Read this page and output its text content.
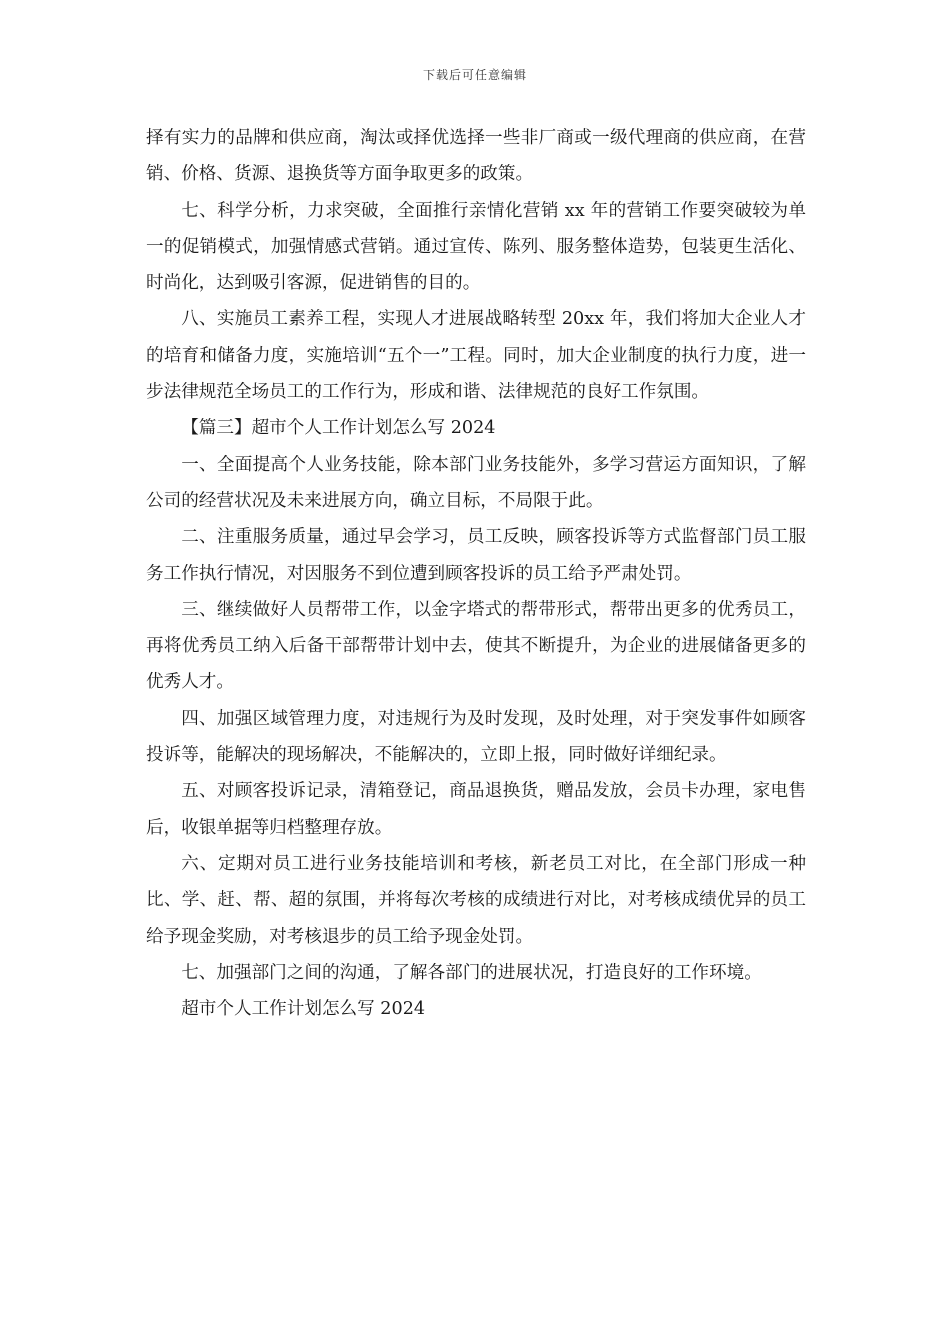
下载后可任意编辑

择有实力的品牌和供应商，淘汰或择优选择一些非厂商或一级代理商的供应商，在营销、价格、货源、退换货等方面争取更多的政策。

七、科学分析，力求突破，全面推行亲情化营销 xx 年的营销工作要突破较为单一的促销模式，加强情感式营销。通过宣传、陈列、服务整体造势，包装更生活化、时尚化，达到吸引客源，促进销售的目的。

八、实施员工素养工程，实现人才进展战略转型 20xx 年，我们将加大企业人才的培育和储备力度，实施培训“五个一”工程。同时，加大企业制度的执行力度，进一步法律规范全场员工的工作行为，形成和谐、法律规范的良好工作氛围。

【篇三】超市个人工作计划怎么写 2024

一、全面提高个人业务技能，除本部门业务技能外，多学习营运方面知识，了解公司的经营状况及未来进展方向，确立目标，不局限于此。

二、注重服务质量，通过早会学习，员工反映，顾客投诉等方式监督部门员工服务工作执行情况，对因服务不到位遭到顾客投诉的员工给予严肃处罚。

三、继续做好人员帮带工作，以金字塔式的帮带形式，帮带出更多的优秀员工，再将优秀员工纳入后备干部帮带计划中去，使其不断提升，为企业的进展储备更多的优秀人才。

四、加强区域管理力度，对违规行为及时发现，及时处理，对于突发事件如顾客投诉等，能解决的现场解决，不能解决的，立即上报，同时做好详细纪录。

五、对顾客投诉记录，清箱登记，商品退换货，赠品发放，会员卡办理，家电售后，收银单据等归档整理存放。

六、定期对员工进行业务技能培训和考核，新老员工对比，在全部门形成一种比、学、赶、帮、超的氛围，并将每次考核的成绩进行对比，对考核成绩优异的员工给予现金奖励，对考核退步的员工给予现金处罚。

七、加强部门之间的沟通，了解各部门的进展状况，打造良好的工作环境。

超市个人工作计划怎么写 2024
